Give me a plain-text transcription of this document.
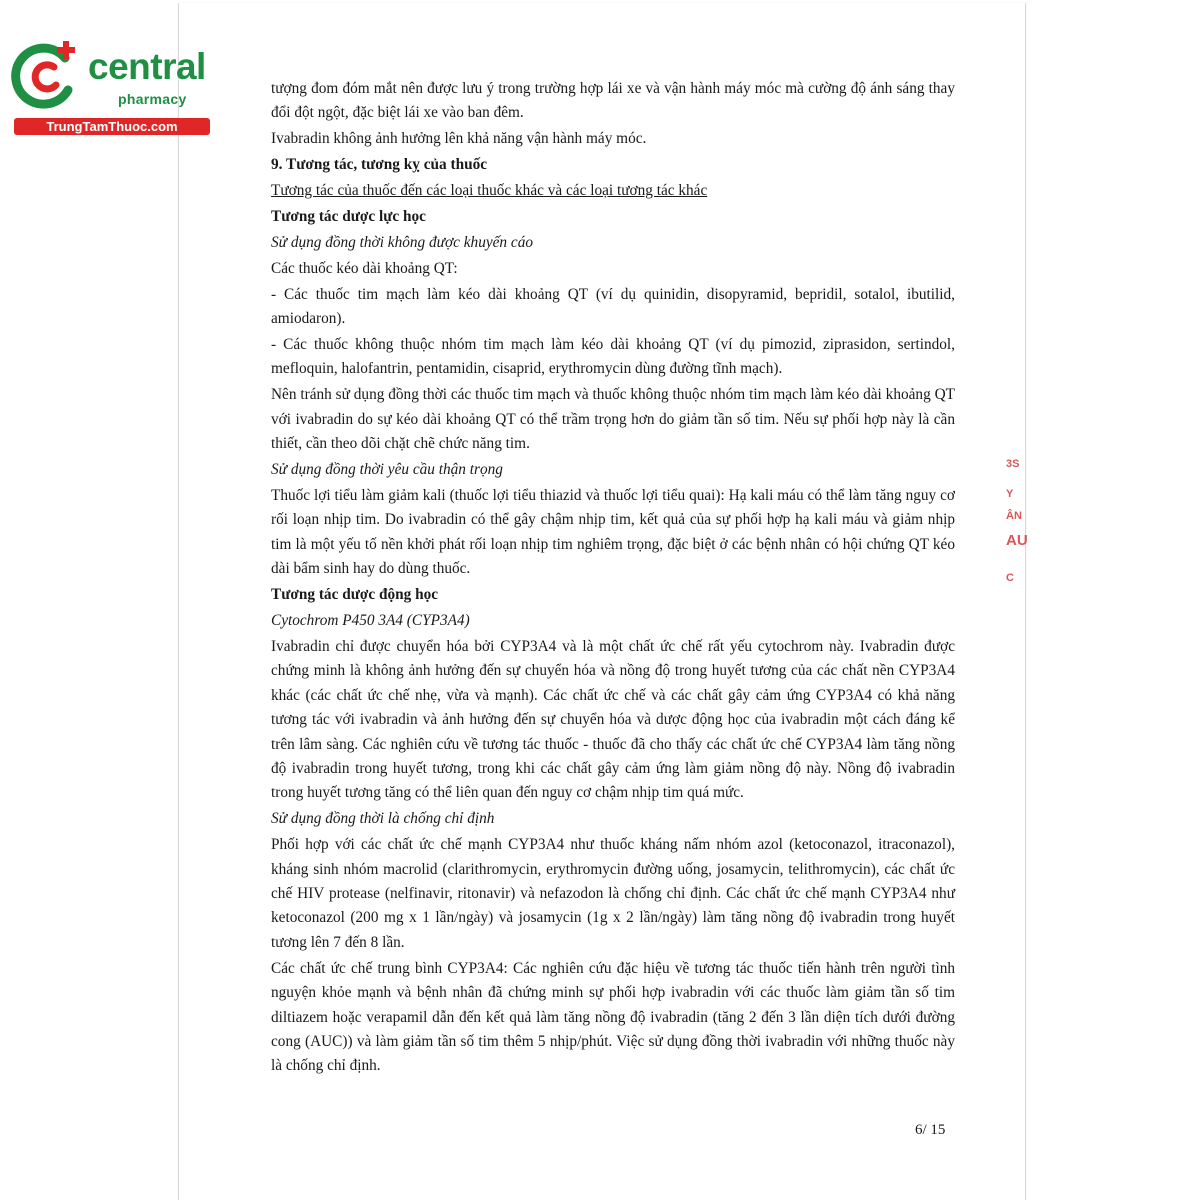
central
pharmacy
TrungTamThuoc.com
3S
Y
ÂN
AU
C

tượng đom đóm mắt nên được lưu ý trong trường hợp lái xe và vận hành máy móc mà cường độ ánh sáng thay đổi đột ngột, đặc biệt lái xe vào ban đêm.

Ivabradin không ảnh hưởng lên khả năng vận hành máy móc.

9. Tương tác, tương kỵ của thuốc

Tương tác của thuốc đến các loại thuốc khác và các loại tương tác khác

Tương tác dược lực học

Sử dụng đồng thời không được khuyến cáo

Các thuốc kéo dài khoảng QT:

- Các thuốc tim mạch làm kéo dài khoảng QT (ví dụ quinidin, disopyramid, bepridil, sotalol, ibutilid, amiodaron).

- Các thuốc không thuộc nhóm tim mạch làm kéo dài khoảng QT (ví dụ pimozid, ziprasidon, sertindol, mefloquin, halofantrin, pentamidin, cisaprid, erythromycin dùng đường tĩnh mạch).

Nên tránh sử dụng đồng thời các thuốc tim mạch và thuốc không thuộc nhóm tim mạch làm kéo dài khoảng QT với ivabradin do sự kéo dài khoảng QT có thể trầm trọng hơn do giảm tần số tim. Nếu sự phối hợp này là cần thiết, cần theo dõi chặt chẽ chức năng tim.

Sử dụng đồng thời yêu cầu thận trọng

Thuốc lợi tiểu làm giảm kali (thuốc lợi tiểu thiazid và thuốc lợi tiểu quai): Hạ kali máu có thể làm tăng nguy cơ rối loạn nhịp tim. Do ivabradin có thể gây chậm nhịp tim, kết quả của sự phối hợp hạ kali máu và giảm nhịp tim là một yếu tố nền khởi phát rối loạn nhịp tim nghiêm trọng, đặc biệt ở các bệnh nhân có hội chứng QT kéo dài bẩm sinh hay do dùng thuốc.

Tương tác dược động học

Cytochrom P450 3A4 (CYP3A4)

Ivabradin chỉ được chuyển hóa bởi CYP3A4 và là một chất ức chế rất yếu cytochrom này. Ivabradin được chứng minh là không ảnh hưởng đến sự chuyển hóa và nồng độ trong huyết tương của các chất nền CYP3A4 khác (các chất ức chế nhẹ, vừa và mạnh). Các chất ức chế và các chất gây cảm ứng CYP3A4 có khả năng tương tác với ivabradin và ảnh hưởng đến sự chuyển hóa và dược động học của ivabradin một cách đáng kể trên lâm sàng. Các nghiên cứu về tương tác thuốc - thuốc đã cho thấy các chất ức chế CYP3A4 làm tăng nồng độ ivabradin trong huyết tương, trong khi các chất gây cảm ứng làm giảm nồng độ này. Nồng độ ivabradin trong huyết tương tăng có thể liên quan đến nguy cơ chậm nhịp tim quá mức.

Sử dụng đồng thời là chống chỉ định

Phối hợp với các chất ức chế mạnh CYP3A4 như thuốc kháng nấm nhóm azol (ketoconazol, itraconazol), kháng sinh nhóm macrolid (clarithromycin, erythromycin đường uống, josamycin, telithromycin), các chất ức chế HIV protease (nelfinavir, ritonavir) và nefazodon là chống chỉ định. Các chất ức chế mạnh CYP3A4 như ketoconazol (200 mg x 1 lần/ngày) và josamycin (1g x 2 lần/ngày) làm tăng nồng độ ivabradin trong huyết tương lên 7 đến 8 lần.

Các chất ức chế trung bình CYP3A4: Các nghiên cứu đặc hiệu về tương tác thuốc tiến hành trên người tình nguyện khỏe mạnh và bệnh nhân đã chứng minh sự phối hợp ivabradin với các thuốc làm giảm tần số tim diltiazem hoặc verapamil dẫn đến kết quả làm tăng nồng độ ivabradin (tăng 2 đến 3 lần diện tích dưới đường cong (AUC)) và làm giảm tần số tim thêm 5 nhịp/phút. Việc sử dụng đồng thời ivabradin với những thuốc này là chống chỉ định.

6/ 15
